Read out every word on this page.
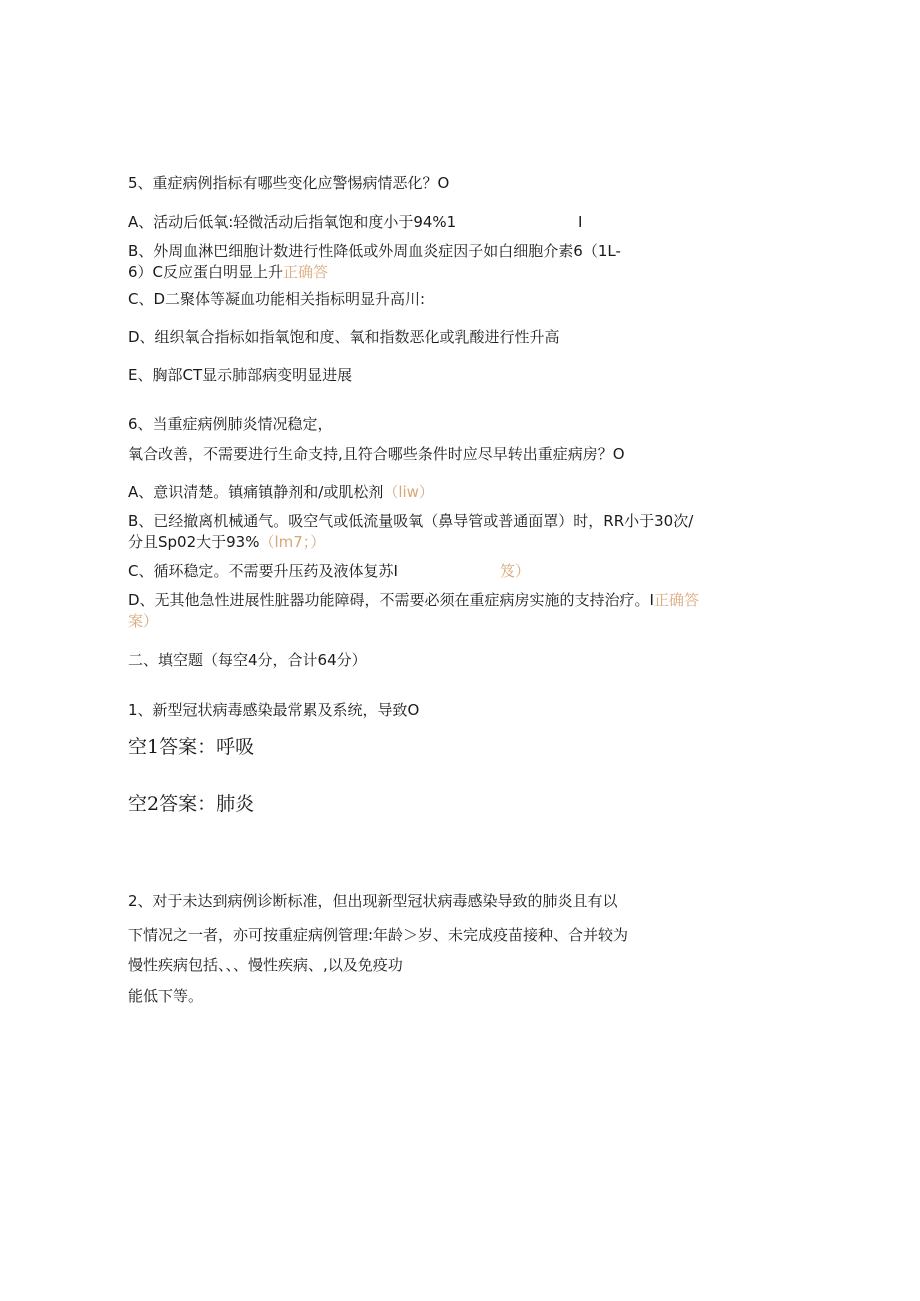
5、重症病例指标有哪些变化应警惕病情恶化？O
A、活动后低氧:轻微活动后指氧饱和度小于94%1	I
B、外周血淋巴细胞计数进行性降低或外周血炎症因子如白细胞介素6（1L-
6）C反应蛋白明显上升正确答
C、D二聚体等凝血功能相关指标明显升高川:
D、组织氧合指标如指氧饱和度、氧和指数恶化或乳酸进行性升高
E、胸部CT显示肺部病变明显进展
6、当重症病例肺炎情况稳定，
氧合改善，不需要进行生命支持,且符合哪些条件时应尽早转出重症病房？O
A、意识清楚。镇痛镇静剂和/或肌松剂（liw）
B、已经撤离机械通气。吸空气或低流量吸氧（鼻导管或普通面罩）时，RR小于30次/
分且Sp02大于93%（lm7；）
C、循环稳定。不需要升压药及液体复苏I	笈）
D、无其他急性进展性脏器功能障碍，不需要必须在重症病房实施的支持治疗。I正确答
案）
二、填空题（每空4分，合计64分）
1、新型冠状病毒感染最常累及系统，导致O
空1答案：呼吸
空2答案：肺炎
2、对于未达到病例诊断标准，但出现新型冠状病毒感染导致的肺炎且有以
下情况之一者，亦可按重症病例管理:年龄＞岁、未完成疫苗接种、合并较为
慢性疾病包括、、、慢性疾病、,以及免疫功
能低下等。
